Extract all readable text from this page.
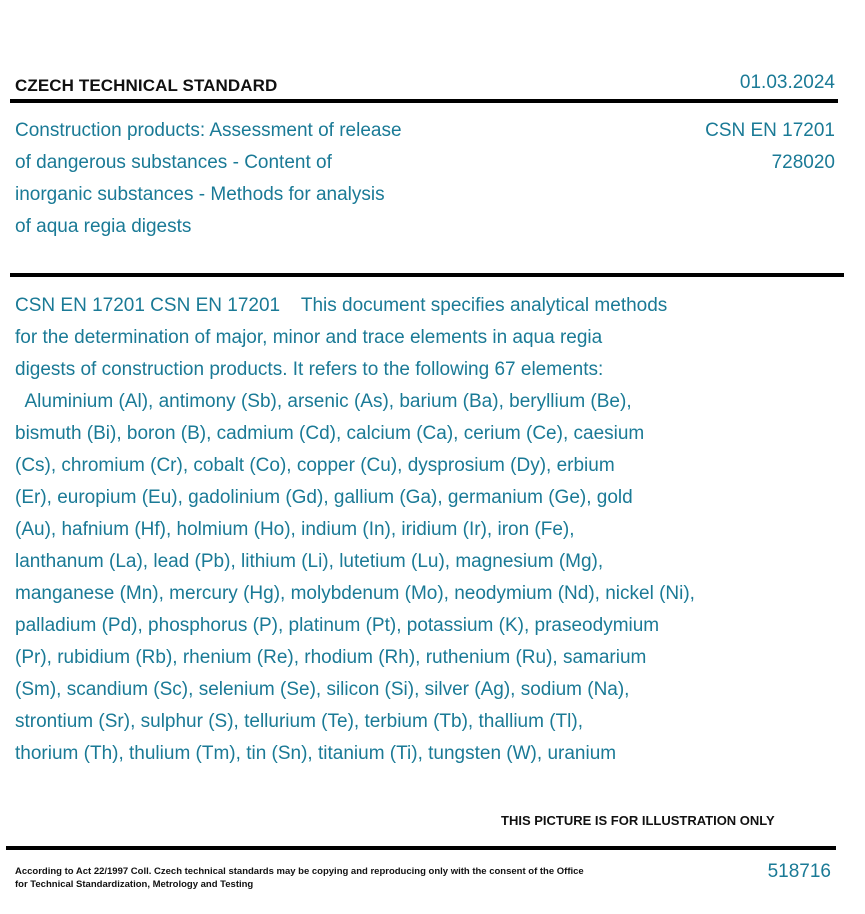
CZECH TECHNICAL STANDARD	01.03.2024
Construction products: Assessment of release
of dangerous substances - Content of
inorganic substances - Methods for analysis
of aqua regia digests
CSN EN 17201
728020
CSN EN 17201 CSN EN 17201    This document specifies analytical methods
for the determination of major, minor and trace elements in aqua regia
digests of construction products. It refers to the following 67 elements:
Aluminium (Al), antimony (Sb), arsenic (As), barium (Ba), beryllium (Be),
bismuth (Bi), boron (B), cadmium (Cd), calcium (Ca), cerium (Ce), caesium
(Cs), chromium (Cr), cobalt (Co), copper (Cu), dysprosium (Dy), erbium
(Er), europium (Eu), gadolinium (Gd), gallium (Ga), germanium (Ge), gold
(Au), hafnium (Hf), holmium (Ho), indium (In), iridium (Ir), iron (Fe),
lanthanum (La), lead (Pb), lithium (Li), lutetium (Lu), magnesium (Mg),
manganese (Mn), mercury (Hg), molybdenum (Mo), neodymium (Nd), nickel (Ni),
palladium (Pd), phosphorus (P), platinum (Pt), potassium (K), praseodymium
(Pr), rubidium (Rb), rhenium (Re), rhodium (Rh), ruthenium (Ru), samarium
(Sm), scandium (Sc), selenium (Se), silicon (Si), silver (Ag), sodium (Na),
strontium (Sr), sulphur (S), tellurium (Te), terbium (Tb), thallium (Tl),
thorium (Th), thulium (Tm), tin (Sn), titanium (Ti), tungsten (W), uranium
THIS PICTURE IS FOR ILLUSTRATION ONLY
According to Act 22/1997 Coll. Czech technical standards may be copying and reproducing only with the consent of the Office
for Technical Standardization, Metrology and Testing
518716
